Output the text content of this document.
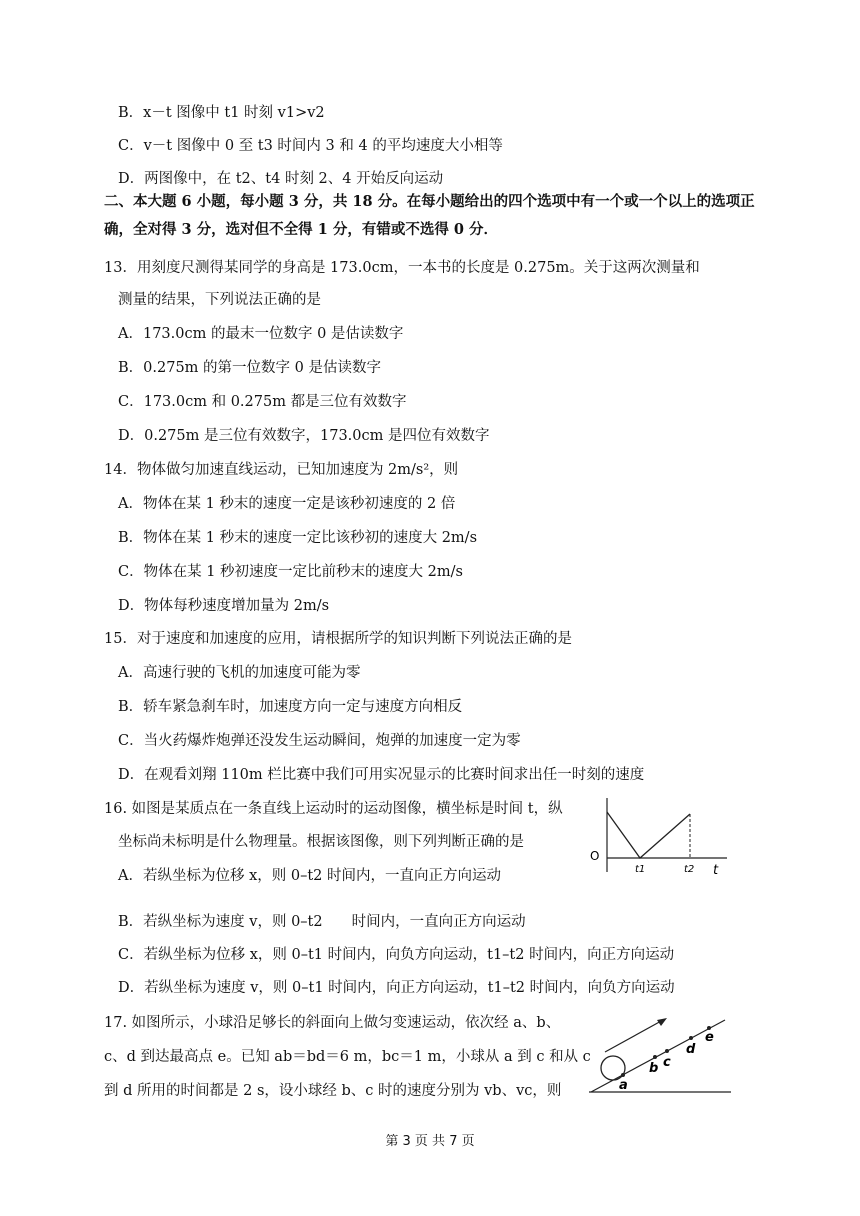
B．x－t 图像中 t1 时刻 v1>v2
C．v－t 图像中 0 至 t3 时间内 3 和 4 的平均速度大小相等
D．两图像中，在 t2、t4 时刻 2、4 开始反向运动
二、本大题 6 小题，每小题 3 分，共 18 分。在每小题给出的四个选项中有一个或一个以上的选项正
确，全对得 3 分，选对但不全得 1 分，有错或不选得 0 分．
13．用刻度尺测得某同学的身高是 173.0cm，一本书的长度是 0.275m。关于这两次测量和
测量的结果，下列说法正确的是
A．173.0cm 的最末一位数字 0 是估读数字
B．0.275m 的第一位数字 0 是估读数字
C．173.0cm 和 0.275m 都是三位有效数字
D．0.275m 是三位有效数字，173.0cm 是四位有效数字
14．物体做匀加速直线运动，已知加速度为 2m/s²，则
A．物体在某 1 秒末的速度一定是该秒初速度的 2 倍
B．物体在某 1 秒末的速度一定比该秒初的速度大 2m/s
C．物体在某 1 秒初速度一定比前秒末的速度大 2m/s
D．物体每秒速度增加量为 2m/s
15．对于速度和加速度的应用，请根据所学的知识判断下列说法正确的是
A．高速行驶的飞机的加速度可能为零
B．轿车紧急刹车时，加速度方向一定与速度方向相反
C．当火药爆炸炮弹还没发生运动瞬间，炮弹的加速度一定为零
D．在观看刘翔 110m 栏比赛中我们可用实况显示的比赛时间求出任一时刻的速度
16. 如图是某质点在一条直线上运动时的运动图像，横坐标是时间 t，纵
坐标尚未标明是什么物理量。根据该图像，则下列判断正确的是
A．若纵坐标为位移 x，则 0–t2 时间内，一直向正方向运动
B．若纵坐标为速度 v，则 0–t2　　时间内，一直向正方向运动
C．若纵坐标为位移 x，则 0–t1 时间内，向负方向运动，t1–t2 时间内，向正方向运动
D．若纵坐标为速度 v，则 0–t1 时间内，向正方向运动，t1–t2 时间内，向负方向运动
O
t1	t2 t
17. 如图所示，小球沿足够长的斜面向上做匀变速运动，依次经 a、b、
c、d 到达最高点 e。已知 ab＝bd＝6 m，bc＝1 m，小球从 a 到 c 和从 c
到 d 所用的时间都是 2 s，设小球经 b、c 时的速度分别为 vb、vc，则	a
b c
d
e
第 3 页 共 7 页
